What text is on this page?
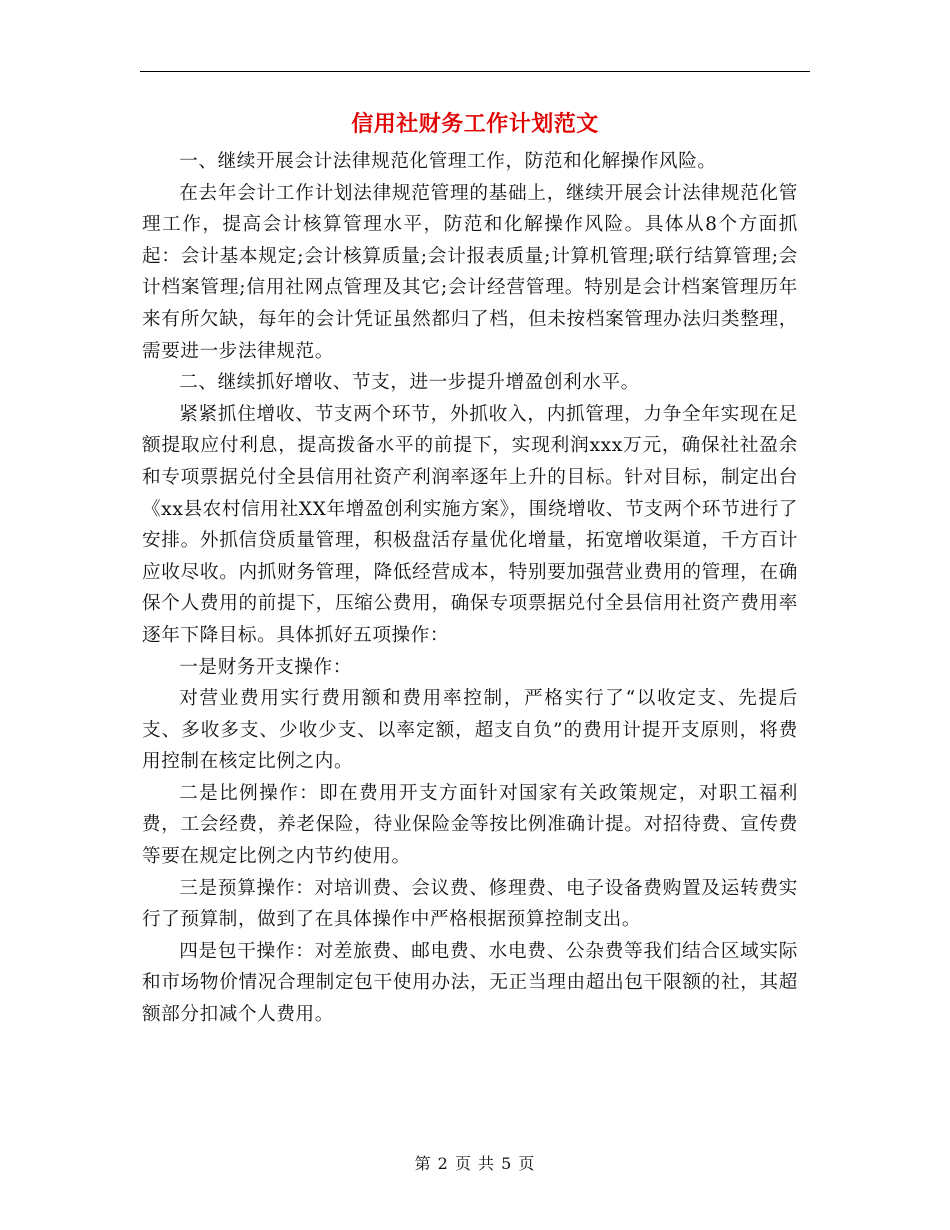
信用社财务工作计划范文

一、继续开展会计法律规范化管理工作，防范和化解操作风险。

在去年会计工作计划法律规范管理的基础上，继续开展会计法律规范化管理工作，提高会计核算管理水平，防范和化解操作风险。具体从8个方面抓起：会计基本规定;会计核算质量;会计报表质量;计算机管理;联行结算管理;会计档案管理;信用社网点管理及其它;会计经营管理。特别是会计档案管理历年来有所欠缺，每年的会计凭证虽然都归了档，但未按档案管理办法归类整理，需要进一步法律规范。

二、继续抓好增收、节支，进一步提升增盈创利水平。

紧紧抓住增收、节支两个环节，外抓收入，内抓管理，力争全年实现在足额提取应付利息，提高拨备水平的前提下，实现利润xxx万元，确保社社盈余和专项票据兑付全县信用社资产利润率逐年上升的目标。针对目标，制定出台《xx县农村信用社XX年增盈创利实施方案》，围绕增收、节支两个环节进行了安排。外抓信贷质量管理，积极盘活存量优化增量，拓宽增收渠道，千方百计应收尽收。内抓财务管理，降低经营成本，特别要加强营业费用的管理，在确保个人费用的前提下，压缩公费用，确保专项票据兑付全县信用社资产费用率逐年下降目标。具体抓好五项操作：

一是财务开支操作：

对营业费用实行费用额和费用率控制，严格实行了“以收定支、先提后支、多收多支、少收少支、以率定额，超支自负”的费用计提开支原则，将费用控制在核定比例之内。

二是比例操作：即在费用开支方面针对国家有关政策规定，对职工福利费，工会经费，养老保险，待业保险金等按比例准确计提。对招待费、宣传费等要在规定比例之内节约使用。

三是预算操作：对培训费、会议费、修理费、电子设备费购置及运转费实行了预算制，做到了在具体操作中严格根据预算控制支出。

四是包干操作：对差旅费、邮电费、水电费、公杂费等我们结合区域实际和市场物价情况合理制定包干使用办法，无正当理由超出包干限额的社，其超额部分扣减个人费用。

第 2 页 共 5 页
